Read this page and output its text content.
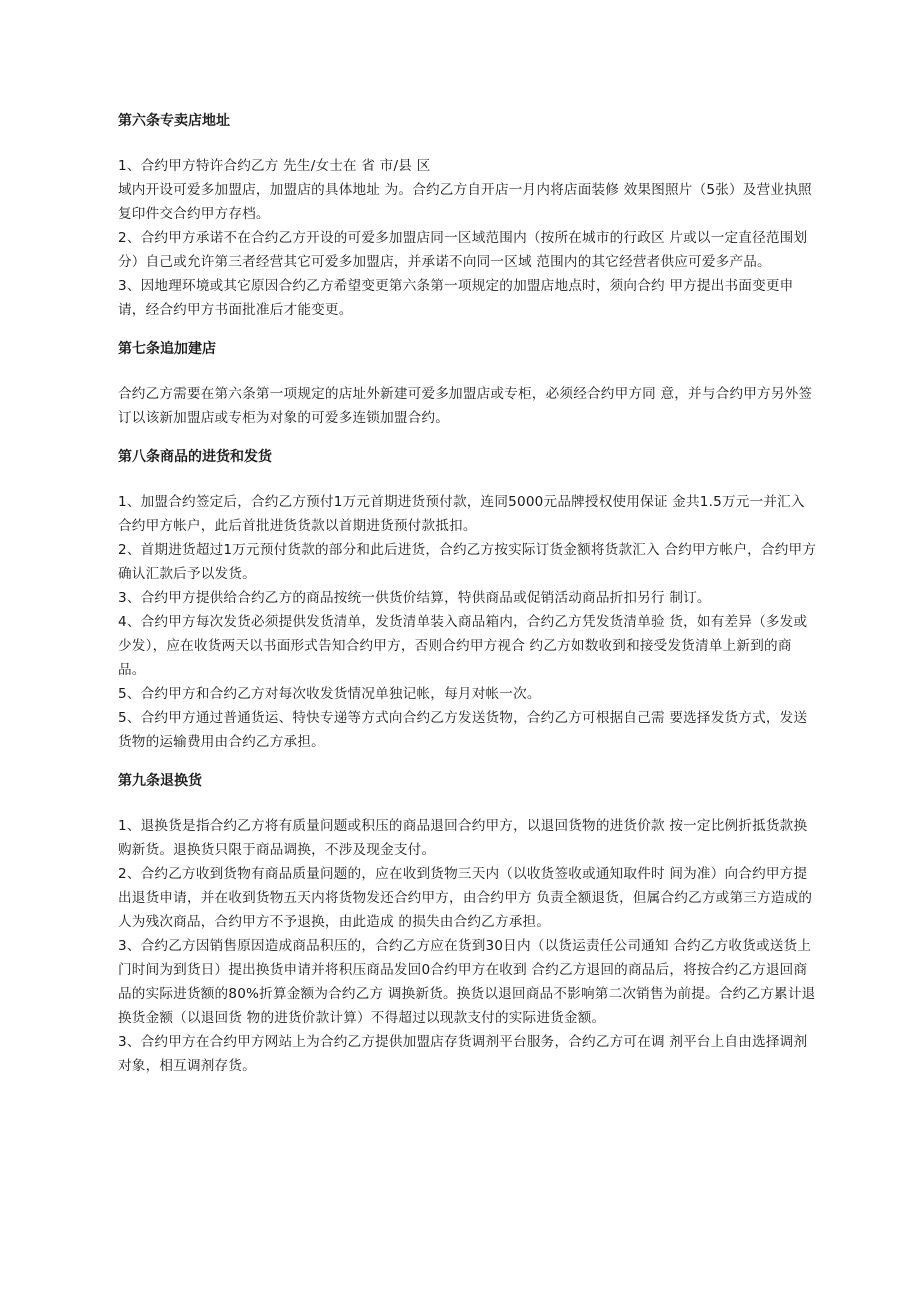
第六条专卖店地址

1、合约甲方特许合约乙方 先生/女士在 省 市/县 区

域内开设可爱多加盟店，加盟店的具体地址 为。合约乙方自开店一月内将店面装修 效果图照片（5张）及营业执照复印件交合约甲方存档。

2、合约甲方承诺不在合约乙方开设的可爱多加盟店同一区域范围内（按所在城市的行政区 片或以一定直径范围划分）自己或允许第三者经营其它可爱多加盟店，并承诺不向同一区域 范围内的其它经营者供应可爱多产品。

3、因地理环境或其它原因合约乙方希望变更第六条第一项规定的加盟店地点时，须向合约 甲方提出书面变更申请，经合约甲方书面批准后才能变更。

第七条追加建店

合约乙方需要在第六条第一项规定的店址外新建可爱多加盟店或专柜，必须经合约甲方同 意，并与合约甲方另外签订以该新加盟店或专柜为对象的可爱多连锁加盟合约。

第八条商品的进货和发货

1、加盟合约签定后，合约乙方预付1万元首期进货预付款，连同5000元品牌授权使用保证 金共1.5万元一并汇入合约甲方帐户，此后首批进货货款以首期进货预付款抵扣。

2、首期进货超过1万元预付货款的部分和此后进货，合约乙方按实际订货金额将货款汇入 合约甲方帐户，合约甲方确认汇款后予以发货。

3、合约甲方提供给合约乙方的商品按统一供货价结算，特供商品或促销活动商品折扣另行 制订。

4、合约甲方每次发货必须提供发货清单，发货清单装入商品箱内，合约乙方凭发货清单验 货，如有差异（多发或少发），应在收货两天以书面形式告知合约甲方，否则合约甲方视合 约乙方如数收到和接受发货清单上新到的商品。

5、合约甲方和合约乙方对每次收发货情况单独记帐，每月对帐一次。

5、合约甲方通过普通货运、特快专递等方式向合约乙方发送货物，合约乙方可根据自己需 要选择发货方式，发送货物的运输费用由合约乙方承担。

第九条退换货

1、退换货是指合约乙方将有质量问题或积压的商品退回合约甲方，以退回货物的进货价款 按一定比例折抵货款换购新货。退换货只限于商品调换，不涉及现金支付。

2、合约乙方收到货物有商品质量问题的，应在收到货物三天内（以收货签收或通知取件时 间为准）向合约甲方提出退货申请，并在收到货物五天内将货物发还合约甲方，由合约甲方 负责全额退货，但属合约乙方或第三方造成的人为残次商品，合约甲方不予退换，由此造成 的损失由合约乙方承担。

3、合约乙方因销售原因造成商品积压的，合约乙方应在货到30日内（以货运责任公司通知 合约乙方收货或送货上门时间为到货日）提出换货申请并将积压商品发回0合约甲方在收到 合约乙方退回的商品后，将按合约乙方退回商品的实际进货额的80%折算金额为合约乙方 调换新货。换货以退回商品不影响第二次销售为前提。合约乙方累计退换货金额（以退回货 物的进货价款计算）不得超过以现款支付的实际进货金额。

3、合约甲方在合约甲方网站上为合约乙方提供加盟店存货调剂平台服务，合约乙方可在调 剂平台上自由选择调剂对象，相互调剂存货。
